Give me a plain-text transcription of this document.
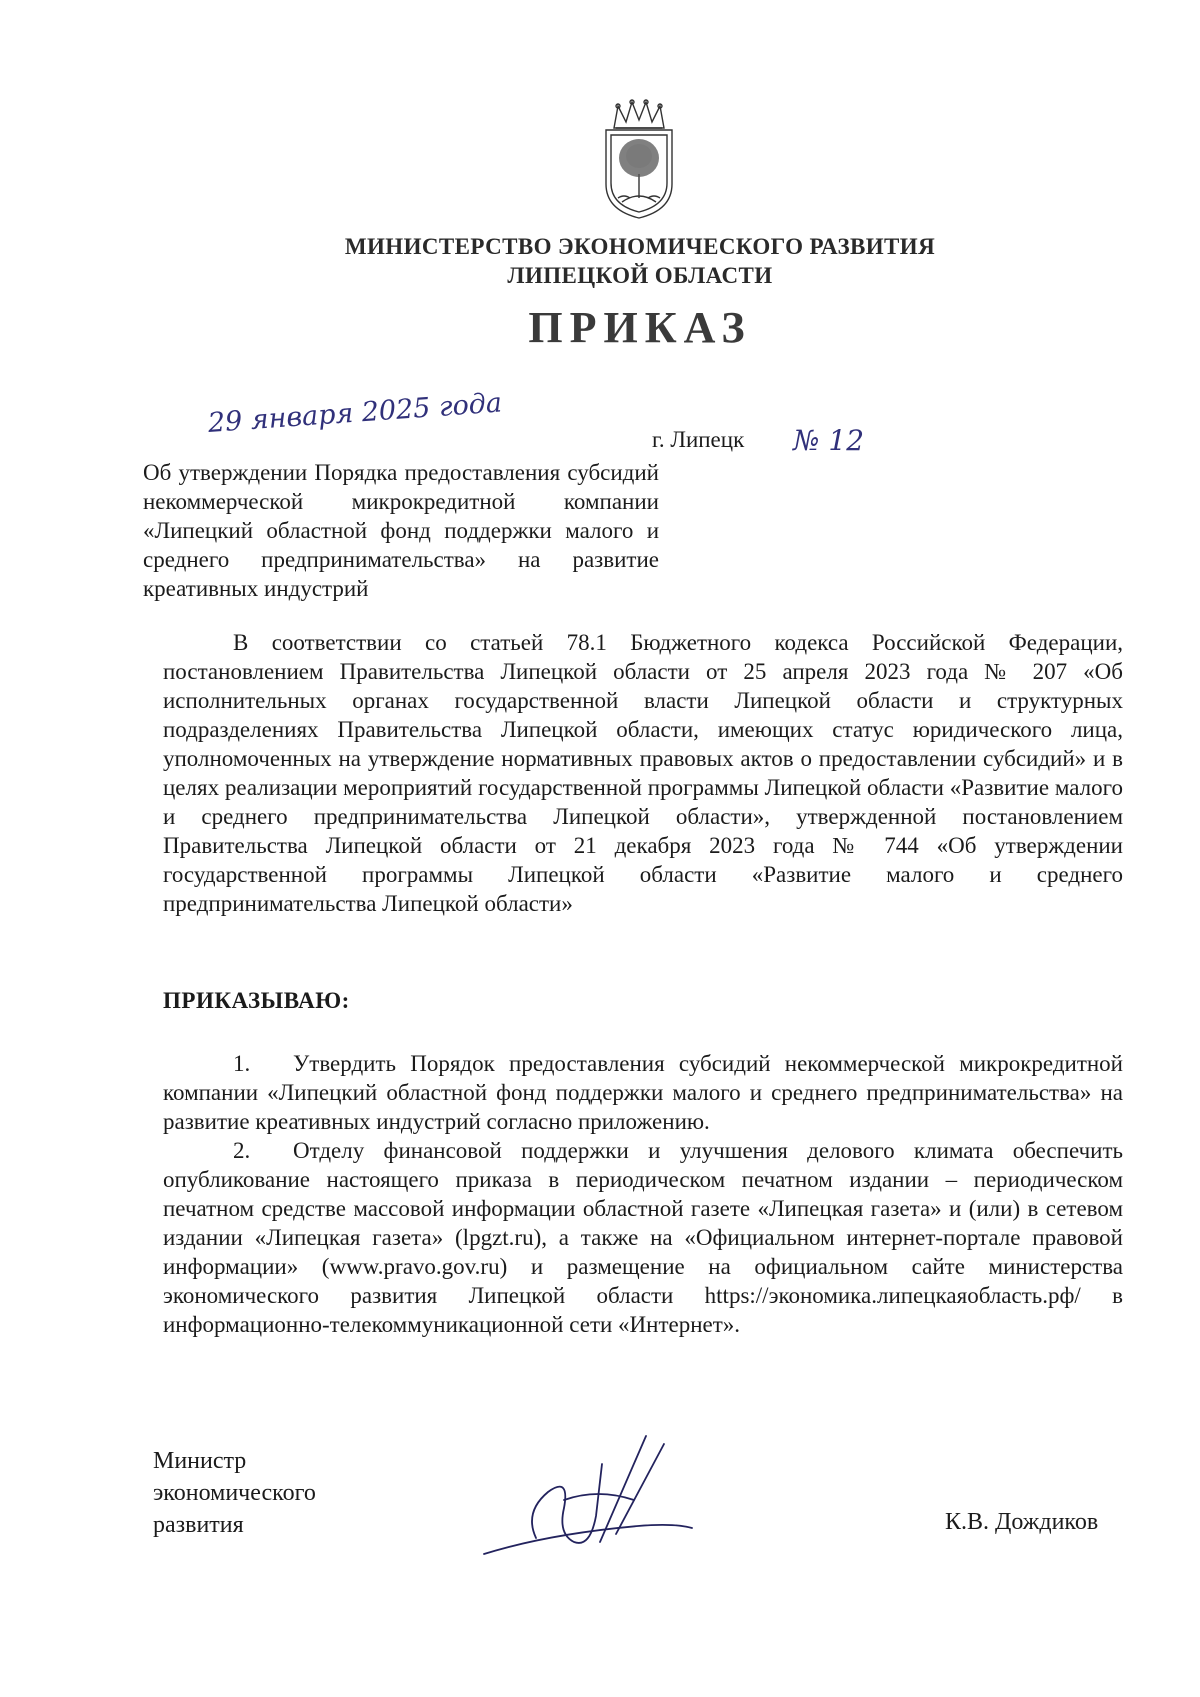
МИНИСТЕРСТВО ЭКОНОМИЧЕСКОГО РАЗВИТИЯ
ЛИПЕЦКОЙ ОБЛАСТИ
ПРИКАЗ
29 января 2025 года
г. Липецк № 12
Об утверждении Порядка предоставления субсидий некоммерческой микрокредитной компании «Липецкий областной фонд поддержки малого и среднего предпринимательства» на развитие креативных индустрий
В соответствии со статьей 78.1 Бюджетного кодекса Российской Федерации, постановлением Правительства Липецкой области от 25 апреля 2023 года № 207 «Об исполнительных органах государственной власти Липецкой области и структурных подразделениях Правительства Липецкой области, имеющих статус юридического лица, уполномоченных на утверждение нормативных правовых актов о предоставлении субсидий» и в целях реализации мероприятий государственной программы Липецкой области «Развитие малого и среднего предпринимательства Липецкой области», утвержденной постановлением Правительства Липецкой области от 21 декабря 2023 года № 744 «Об утверждении государственной программы Липецкой области «Развитие малого и среднего предпринимательства Липецкой области»
ПРИКАЗЫВАЮ:

1. Утвердить Порядок предоставления субсидий некоммерческой микрокредитной компании «Липецкий областной фонд поддержки малого и среднего предпринимательства» на развитие креативных индустрий согласно приложению.

2. Отделу финансовой поддержки и улучшения делового климата обеспечить опубликование настоящего приказа в периодическом печатном издании – периодическом печатном средстве массовой информации областной газете «Липецкая газета» и (или) в сетевом издании «Липецкая газета» (lpgzt.ru), а также на «Официальном интернет-портале правовой информации» (www.pravo.gov.ru) и размещение на официальном сайте министерства экономического развития Липецкой области https://экономика.липецкаяобласть.рф/ в информационно-телекоммуникационной сети «Интернет».

Министр
экономического
развития	К.В. Дождиков
